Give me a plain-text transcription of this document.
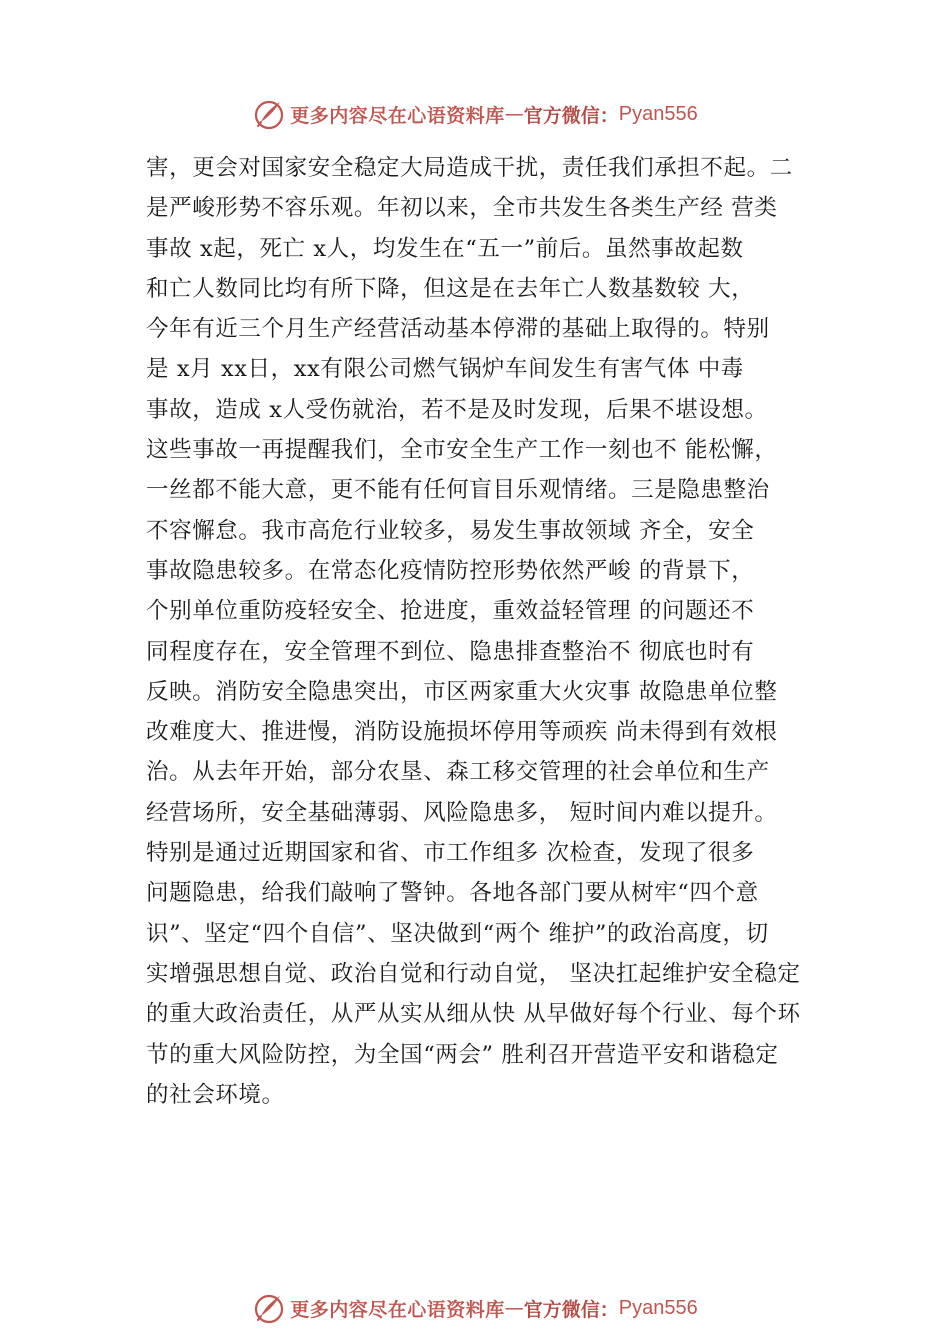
更多内容尽在心语资料库 — 官方微信： Pyan556
害，更会对国家安全稳定大局造成干扰，责任我们承担不起。二
是严峻形势不容乐观。年初以来，全市共发生各类生产经 营类
事故 x起，死亡 x人，均发生在“五一”前后。虽然事故起数
和亡人数同比均有所下降，但这是在去年亡人数基数较 大，
今年有近三个月生产经营活动基本停滞的基础上取得的。特别
是 x月 xx日，xx有限公司燃气锅炉车间发生有害气体 中毒
事故，造成 x人受伤就治，若不是及时发现，后果不堪设想。
这些事故一再提醒我们，全市安全生产工作一刻也不 能松懈，
一丝都不能大意，更不能有任何盲目乐观情绪。三是隐患整治
不容懈怠。我市高危行业较多，易发生事故领域 齐全，安全
事故隐患较多。在常态化疫情防控形势依然严峻 的背景下，
个别单位重防疫轻安全、抢进度，重效益轻管理 的问题还不
同程度存在，安全管理不到位、隐患排查整治不 彻底也时有
反映。消防安全隐患突出，市区两家重大火灾事 故隐患单位整
改难度大、推进慢，消防设施损坏停用等顽疾 尚未得到有效根
治。从去年开始，部分农垦、森工移交管理的社会单位和生产
经营场所，安全基础薄弱、风险隐患多， 短时间内难以提升。
特别是通过近期国家和省、市工作组多 次检查，发现了很多
问题隐患，给我们敲响了警钟。各地各部门要从树牢“四个意
识”、坚定“四个自信”、坚决做到“两个 维护”的政治高度，切
实增强思想自觉、政治自觉和行动自觉， 坚决扛起维护安全稳定
的重大政治责任，从严从实从细从快 从早做好每个行业、每个环
节的重大风险防控，为全国“两会” 胜利召开营造平安和谐稳定
的社会环境。
更多内容尽在心语资料库 — 官方微信： Pyan556
